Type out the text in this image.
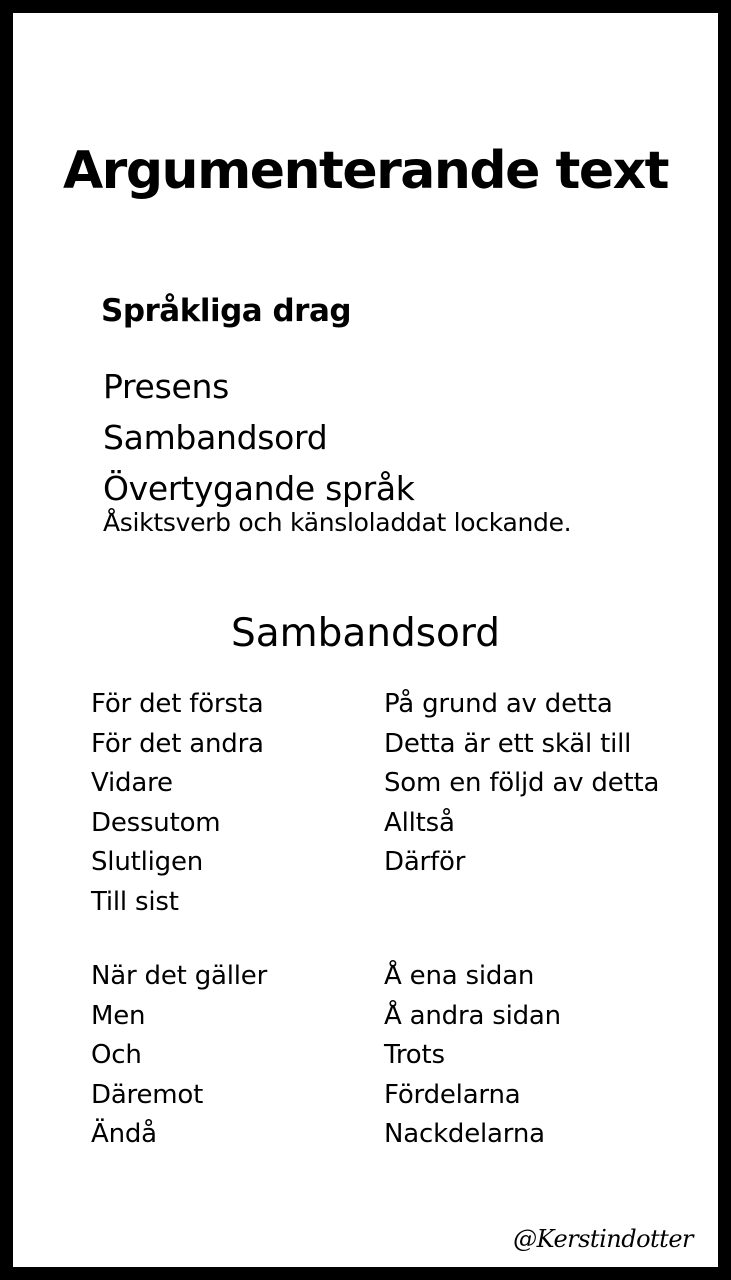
Argumenterande text
Språkliga drag
Presens
Sambandsord
Övertygande språk
Åsiktsverb och känsloladdat lockande.
Sambandsord
För det första
För det andra
Vidare
Dessutom
Slutligen
Till sist
På grund av detta
Detta är ett skäl till
Som en följd av detta
Alltså
Därför
När det gäller
Men
Och
Däremot
Ändå
Å ena sidan
Å andra sidan
Trots
Fördelarna
Nackdelarna
@Kerstindotter
